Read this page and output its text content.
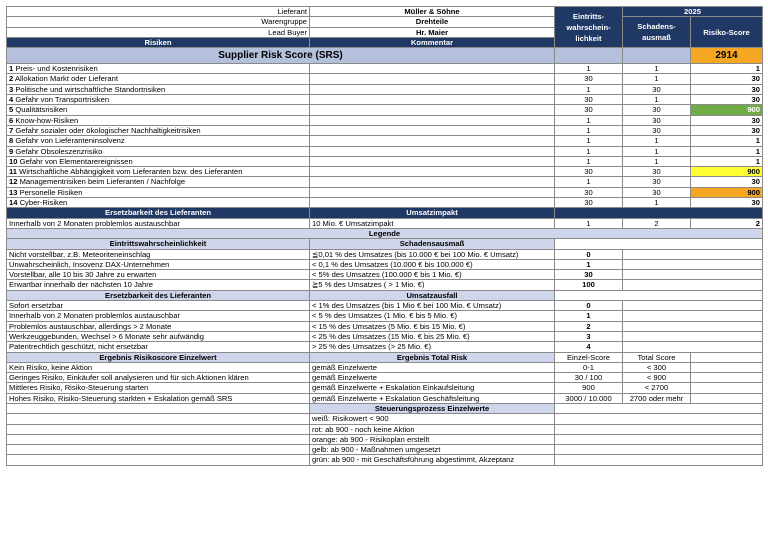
Lieferant	Müller & Söhne	Eintritts-wahrschein-lichkeit	2025	
Warengruppe	Drehteile		Schadens-ausmaß	Risiko-Score
Lead Buyer	Hr. Maier			
Risiken	Kommentar			
Supplier Risk Score (SRS)				2914
1 Preis- und Kostenrisiken		1	1	1
2 Allokation Markt oder Lieferant		30	1	30
3 Politische und wirtschaftliche Standortrisiken		1	30	30
4 Gefahr von Transportrisiken		30	1	30
5 Qualitätsrisiken		30	30	900
6 Know-how-Risiken		1	30	30
7 Gefahr sozialer oder ökologischer Nachhaltigkeitrisiken		1	30	30
8 Gefahr von Lieferanteninsolvenz		1	1	1
9 Gefahr Obsoleszenzrisiko		1	1	1
10 Gefahr von Elementarereignissen		1	1	1
11 Wirtschaftliche Abhängigkeit vom Lieferanten bzw. des Lieferanten		30	30	900
12 Managementrisiken beim Lieferanten / Nachfolge		1	30	30
13 Personelle Risiken		30	30	900
14 Cyber-Risiken		30	1	30
Ersetzbarkeit des Lieferanten	Umsatzimpakt			
Innerhalb von 2 Monaten problemlos austauschbar	10 Mio. € Umsatzimpakt	1	2	2
Legende				
Eintrittswahrscheinlichkeit	Schadensausmaß			
Nicht vorstellbar, z.B. Meteoriteneinschlag	≦0,01 % des Umsatzes (bis 10.000 € bei 100 Mio. € Umsatz)	0		
Unwahrscheinlich, Insovenz DAX-Unternehmen	< 0,1 % des Umsatzes (10.000 € bis 100.000 €)	1		
Vorstellbar, alle 10 bis 30 Jahre zu erwarten	< 5% des Umsatzes (100.000 € bis 1 Mio. €)	30		
Erwartbar innerhalb der nächsten 10 Jahre	≧5 % des Umsatzes ( > 1 Mio. €)	100		
Ersetzbarkeit des Lieferanten	Umsatzausfall			
Sofort ersetzbar	< 1% des Umsatzes (bis 1 Mio € bei 100 Mio. € Umsatz)	0		
Innerhalb von 2 Monaten problemlos austauschbar	< 5 % des Umsatzes (1 Mio. € bis 5 Mio. €)	1		
Problemlos austauschbar, allerdings > 2 Monate	< 15 % des Umsatzes (5 Mio. € bis 15 Mio. €)	2		
Werkzeuggebunden, Wechsel > 6 Monate sehr aufwändig	< 25 % des Umsatzes (15 Mio. € bis 25 Mio. €)	3		
Patentrechtlich geschützt, nicht ersetzbar	> 25 % des Umsatzes (> 25 Mio. €)	4		
Ergebnis Risikoscore Einzelwert	Ergebnis Total Risk	Einzel-Score	Total Score	
Kein Risiko, keine Aktion	gemäß Einzelwerte	0-1	< 300	
Geringes Risiko, Einkäufer soll analysieren und für sich Aktionen klären	gemäß Einzelwerte	30 / 100	< 900	
Mittleres Risiko, Risiko-Steuerung starten	gemäß Einzelwerte + Eskalation Einkaufsleitung	900	< 2700	
Hohes Risiko, Risiko-Steuerung starkten + Eskalation gemäß SRS	gemäß Einzelwerte + Eskalation Geschäftsleitung	3000 / 10.000	2700 oder mehr	
	Steuerungsprozess Einzelwerte			
	weiß: Risikowert < 900			
	rot: ab 900 - noch keine Aktion			
	orange: ab 900 - Risikoplan erstellt			
	gelb: ab 900 - Maßnahmen umgesetzt			
	grün: ab 900 - mit Geschäftsführung abgestimmt, Akzeptanz			
